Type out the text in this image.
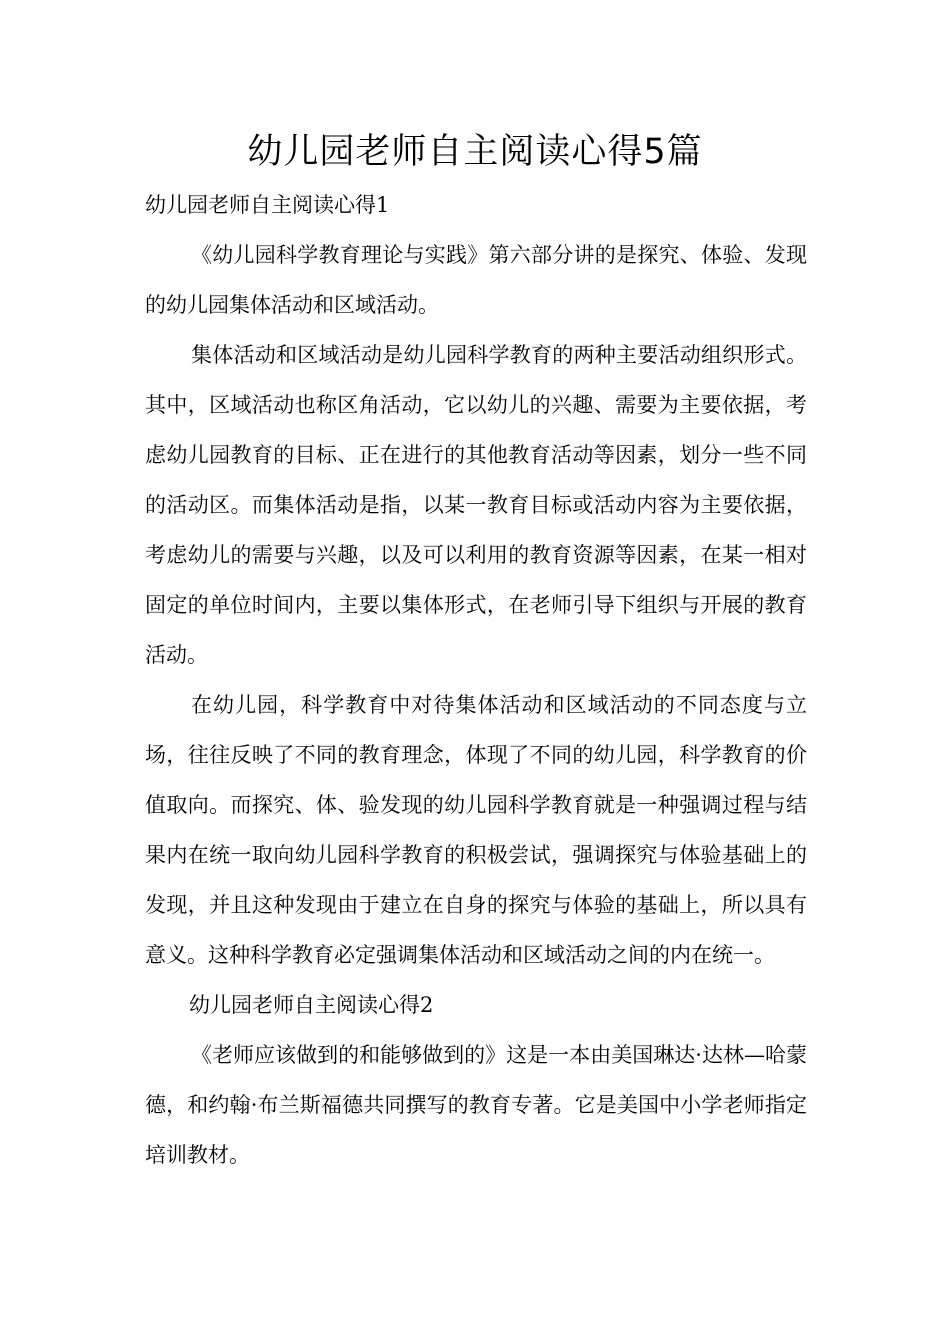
幼儿园老师自主阅读心得5篇

幼儿园老师自主阅读心得1

《幼儿园科学教育理论与实践》第六部分讲的是探究、体验、发现的幼儿园集体活动和区域活动。

集体活动和区域活动是幼儿园科学教育的两种主要活动组织形式。其中，区域活动也称区角活动，它以幼儿的兴趣、需要为主要依据，考虑幼儿园教育的目标、正在进行的其他教育活动等因素，划分一些不同的活动区。而集体活动是指，以某一教育目标或活动内容为主要依据，考虑幼儿的需要与兴趣，以及可以利用的教育资源等因素，在某一相对固定的单位时间内，主要以集体形式，在老师引导下组织与开展的教育活动。

在幼儿园，科学教育中对待集体活动和区域活动的不同态度与立场，往往反映了不同的教育理念，体现了不同的幼儿园，科学教育的价值取向。而探究、体、验发现的幼儿园科学教育就是一种强调过程与结果内在统一取向幼儿园科学教育的积极尝试，强调探究与体验基础上的发现，并且这种发现由于建立在自身的探究与体验的基础上，所以具有意义。这种科学教育必定强调集体活动和区域活动之间的内在统一。

幼儿园老师自主阅读心得2

《老师应该做到的和能够做到的》这是一本由美国琳达·达林—哈蒙德，和约翰·布兰斯福德共同撰写的教育专著。它是美国中小学老师指定培训教材。
